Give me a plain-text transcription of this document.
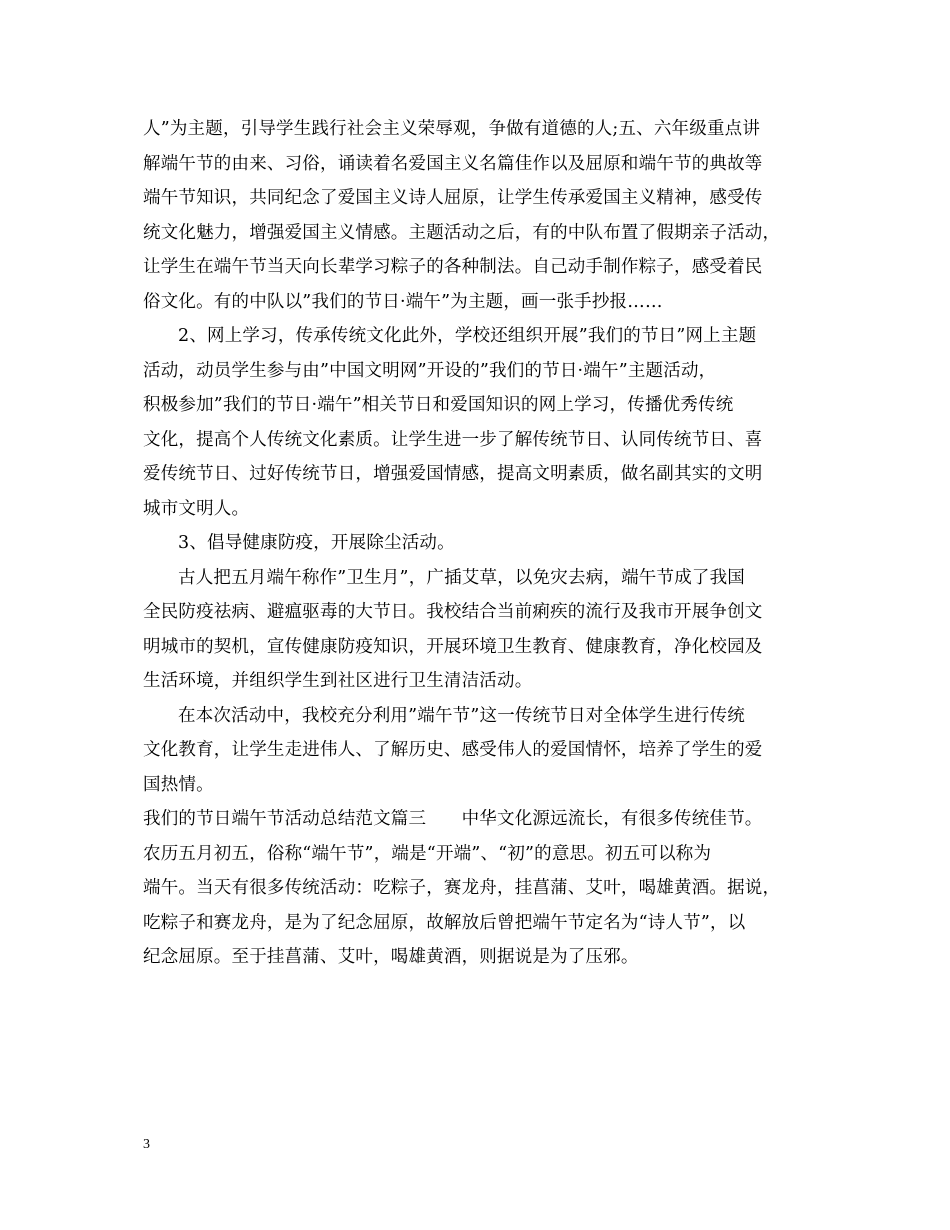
人”为主题，引导学生践行社会主义荣辱观，争做有道德的人;五、六年级重点讲
解端午节的由来、习俗，诵读着名爱国主义名篇佳作以及屈原和端午节的典故等
端午节知识，共同纪念了爱国主义诗人屈原，让学生传承爱国主义精神，感受传
统文化魅力，增强爱国主义情感。主题活动之后，有的中队布置了假期亲子活动，
让学生在端午节当天向长辈学习粽子的各种制法。自己动手制作粽子，感受着民
俗文化。有的中队以”我们的节日·端午”为主题，画一张手抄报……
2、网上学习，传承传统文化此外，学校还组织开展”我们的节日”网上主题
活动，动员学生参与由”中国文明网”开设的”我们的节日·端午”主题活动，
积极参加”我们的节日·端午”相关节日和爱国知识的网上学习，传播优秀传统
文化，提高个人传统文化素质。让学生进一步了解传统节日、认同传统节日、喜
爱传统节日、过好传统节日，增强爱国情感，提高文明素质，做名副其实的文明
城市文明人。
3、倡导健康防疫，开展除尘活动。
古人把五月端午称作”卫生月”，广插艾草，以免灾去病，端午节成了我国
全民防疫祛病、避瘟驱毒的大节日。我校结合当前痢疾的流行及我市开展争创文
明城市的契机，宣传健康防疫知识，开展环境卫生教育、健康教育，净化校园及
生活环境，并组织学生到社区进行卫生清洁活动。
在本次活动中，我校充分利用”端午节”这一传统节日对全体学生进行传统
文化教育，让学生走进伟人、了解历史、感受伟人的爱国情怀，培养了学生的爱
国热情。
我们的节日端午节活动总结范文篇三　　中华文化源远流长，有很多传统佳节。
农历五月初五，俗称“端午节”，端是“开端”、“初”的意思。初五可以称为
端午。当天有很多传统活动：吃粽子，赛龙舟，挂菖蒲、艾叶，喝雄黄酒。据说，
吃粽子和赛龙舟，是为了纪念屈原，故解放后曾把端午节定名为“诗人节”，以
纪念屈原。至于挂菖蒲、艾叶，喝雄黄酒，则据说是为了压邪。
3
